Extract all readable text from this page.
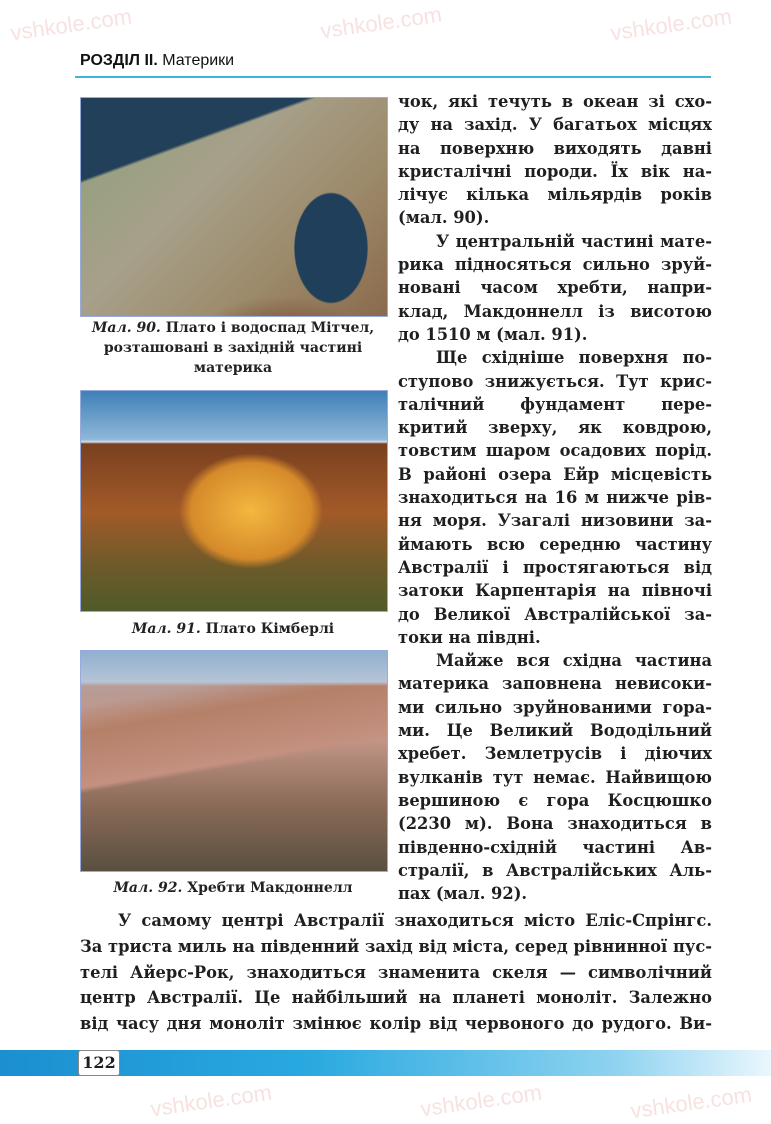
РОЗДІЛ ІІ. Материки
Мал. 90. Плато і водоспад Мітчел, розташовані в західній частині материка
Мал. 91. Плато Кімберлі
Мал. 92. Хребти Макдоннелл
чок, які течуть в океан зі схо-
ду на захід. У багатьох місцях
на поверхню виходять давні
кристалічні породи. Їх вік на-
лічує кілька мільярдів років
(мал. 90).
У центральній частині мате-
рика підносяться сильно зруй-
новані часом хребти, напри-
клад, Макдоннелл із висотою
до 1510 м (мал. 91).
Ще східніше поверхня по-
ступово знижується. Тут крис-
талічний фундамент пере-
критий зверху, як ковдрою,
товстим шаром осадових порід.
В районі озера Ейр місцевість
знаходиться на 16 м нижче рів-
ня моря. Узагалі низовини за-
ймають всю середню частину
Австралії і простягаються від
затоки Карпентарія на півночі
до Великої Австралійської за-
токи на півдні.
Майже вся східна частина
материка заповнена невисоки-
ми сильно зруйнованими гора-
ми. Це Великий Вододільний
хребет. Землетрусів і діючих
вулканів тут немає. Найвищою
вершиною є гора Косцюшко
(2230 м). Вона знаходиться в
південно-східній частині Ав-
стралії, в Австралійських Аль-
пах (мал. 92).
У самому центрі Австралії знаходиться місто Еліс-Спрінгс.
За триста миль на південний захід від міста, серед рівнинної пус-
телі Айерс-Рок, знаходиться знаменита скеля — символічний
центр Австралії. Це найбільший на планеті моноліт. Залежно
від часу дня моноліт змінює колір від червоного до рудого. Ви-
122
vshkole.com	vshkole.com	vshkole.com
vshkole.com	vshkole.com	vshkole.com
